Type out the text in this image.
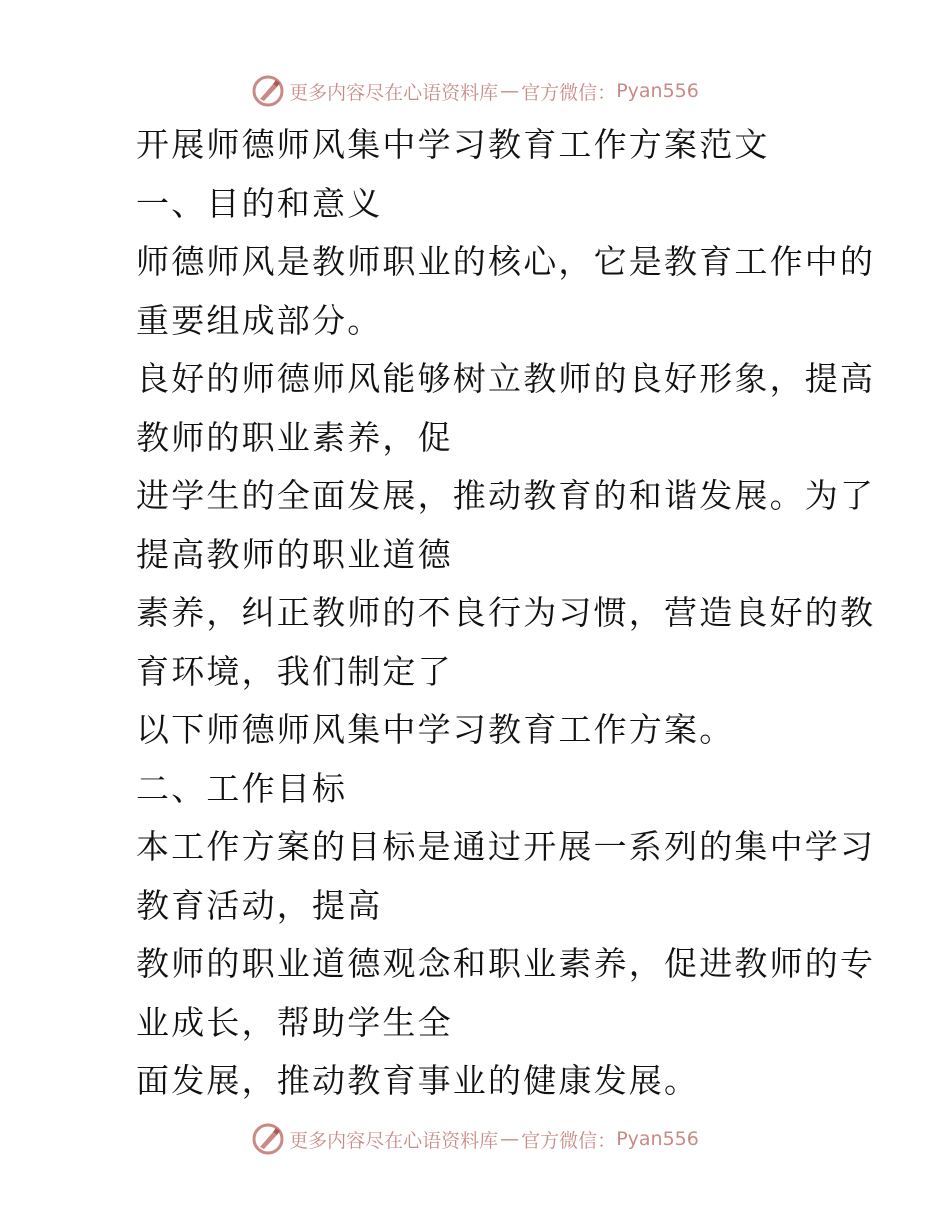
更多内容尽在心语资料库 — 官方微信： Pyan556

开展师德师风集中学习教育工作方案范文

一、目的和意义

师德师风是教师职业的核心，它是教育工作中的
重要组成部分。

良好的师德师风能够树立教师的良好形象，提高
教师的职业素养，促

进学生的全面发展，推动教育的和谐发展。为了
提高教师的职业道德

素养，纠正教师的不良行为习惯，营造良好的教
育环境，我们制定了

以下师德师风集中学习教育工作方案。

二、工作目标

本工作方案的目标是通过开展一系列的集中学习
教育活动，提高

教师的职业道德观念和职业素养，促进教师的专
业成长，帮助学生全

面发展，推动教育事业的健康发展。

更多内容尽在心语资料库 — 官方微信： Pyan556
